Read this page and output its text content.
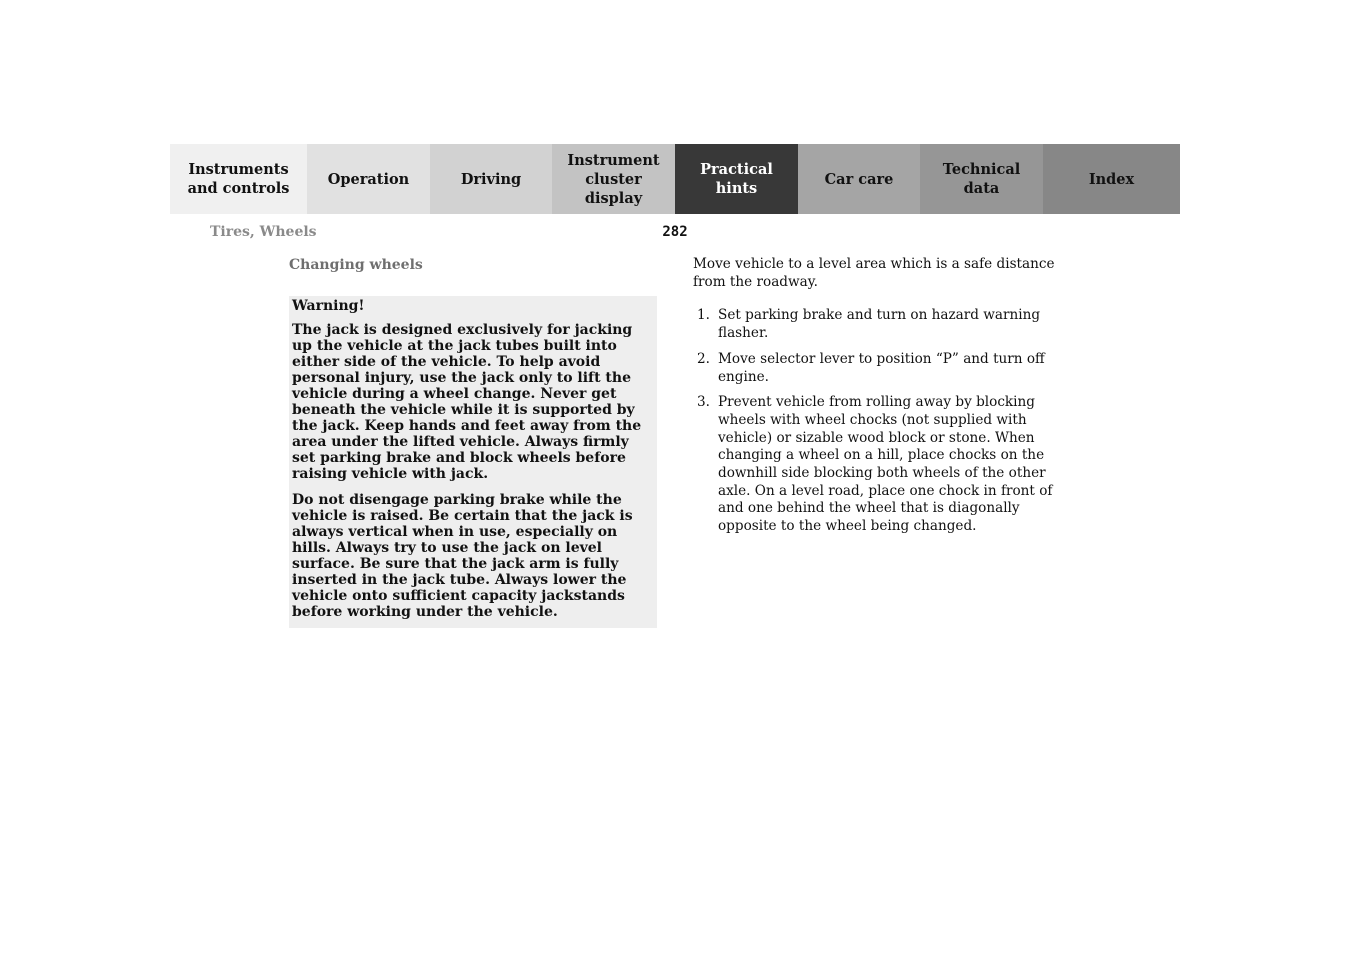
Instruments
and controls
Operation	Driving
Instrument
cluster display
Practical hints
Car care
Technical
data
Index
Tires, Wheels	282
Changing wheels

Warning!

The jack is designed exclusively for jacking up the vehicle at the jack tubes built into either side of the vehicle. To help avoid personal injury, use the jack only to lift the vehicle during a wheel change. Never get beneath the vehicle while it is supported by the jack. Keep hands and feet away from the area under the lifted vehicle. Always firmly set parking brake and block wheels before raising vehicle with jack.

Do not disengage parking brake while the vehicle is raised. Be certain that the jack is always vertical when in use, especially on hills. Always try to use the jack on level surface. Be sure that the jack arm is fully inserted in the jack tube. Always lower the vehicle onto sufficient capacity jackstands before working under the vehicle.

Move vehicle to a level area which is a safe distance from the roadway.

1. Set parking brake and turn on hazard warning flasher.
2. Move selector lever to position “P” and turn off engine.
3. Prevent vehicle from rolling away by blocking wheels with wheel chocks (not supplied with vehicle) or sizable wood block or stone. When changing a wheel on a hill, place chocks on the downhill side blocking both wheels of the other axle. On a level road, place one chock in front of and one behind the wheel that is diagonally opposite to the wheel being changed.
